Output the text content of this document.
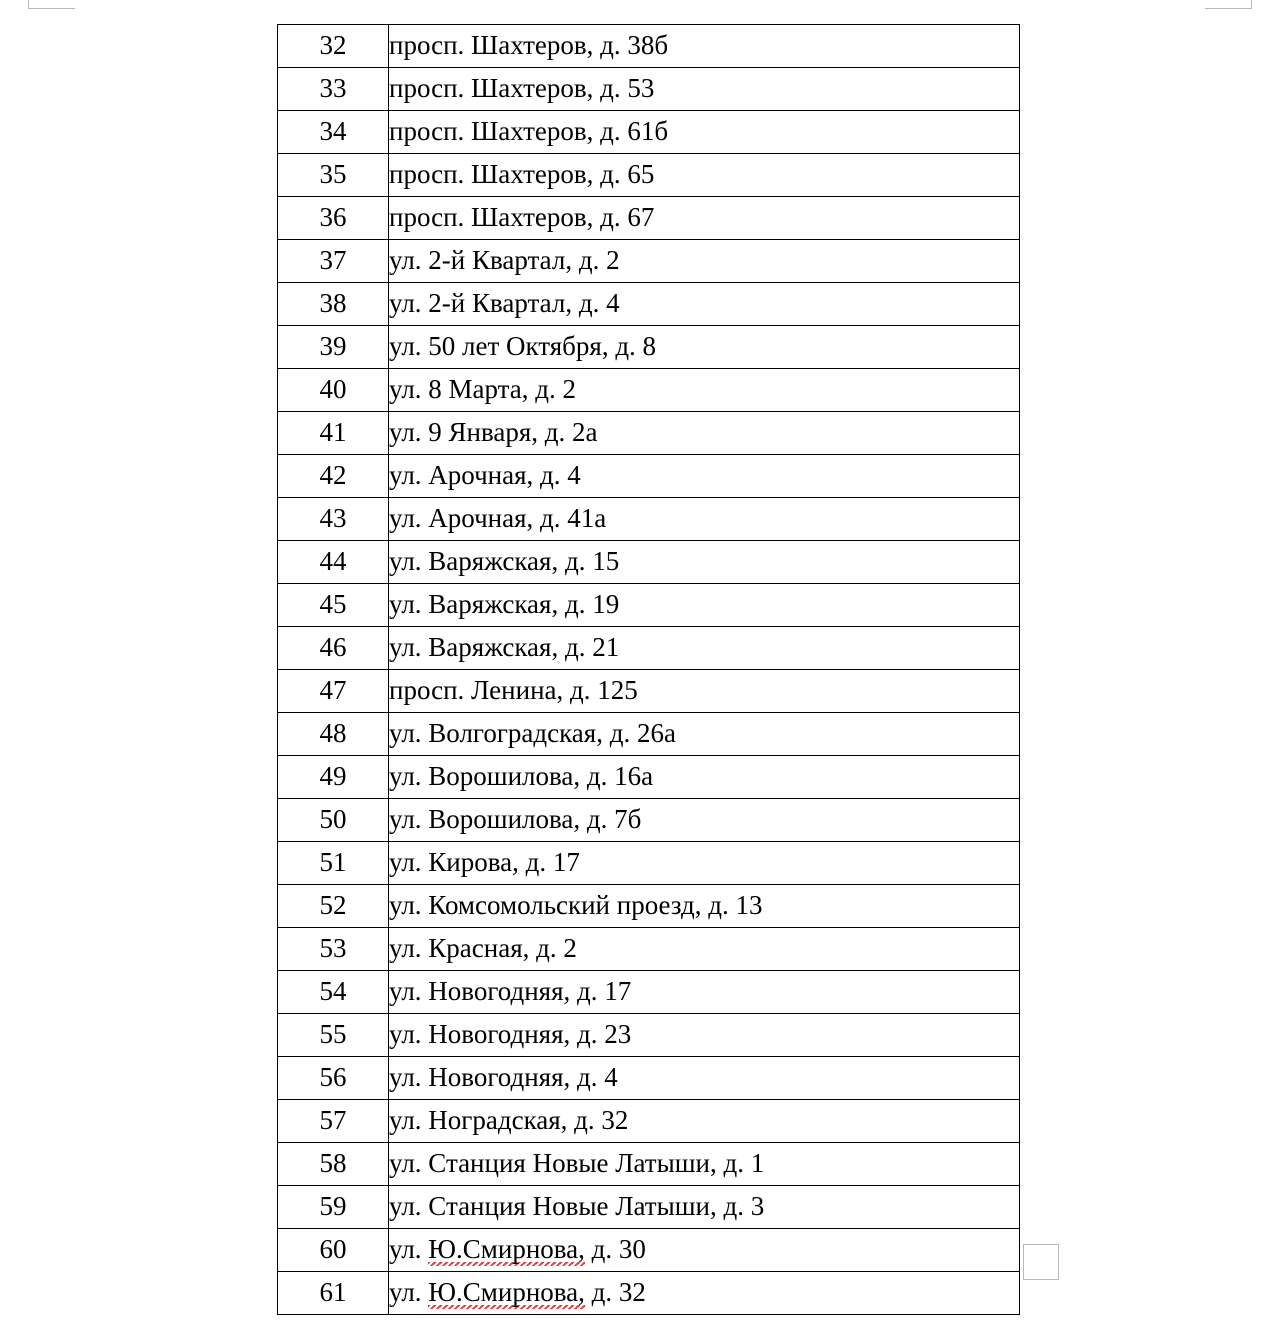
32	просп. Шахтеров, д. 38б
33	просп. Шахтеров, д. 53
34	просп. Шахтеров, д. 61б
35	просп. Шахтеров, д. 65
36	просп. Шахтеров, д. 67
37	ул. 2-й Квартал, д. 2
38	ул. 2-й Квартал, д. 4
39	ул. 50 лет Октября, д. 8
40	ул. 8 Марта, д. 2
41	ул. 9 Января, д. 2а
42	ул. Арочная, д. 4
43	ул. Арочная, д. 41а
44	ул. Варяжская, д. 15
45	ул. Варяжская, д. 19
46	ул. Варяжская, д. 21
47	просп. Ленина, д. 125
48	ул. Волгоградская, д. 26а
49	ул. Ворошилова, д. 16а
50	ул. Ворошилова, д. 7б
51	ул. Кирова, д. 17
52	ул. Комсомольский проезд, д. 13
53	ул. Красная, д. 2
54	ул. Новогодняя, д. 17
55	ул. Новогодняя, д. 23
56	ул. Новогодняя, д. 4
57	ул. Ноградская, д. 32
58	ул. Станция Новые Латыши, д. 1
59	ул. Станция Новые Латыши, д. 3
60	ул. Ю.Смирнова, д. 30
61	ул. Ю.Смирнова, д. 32
